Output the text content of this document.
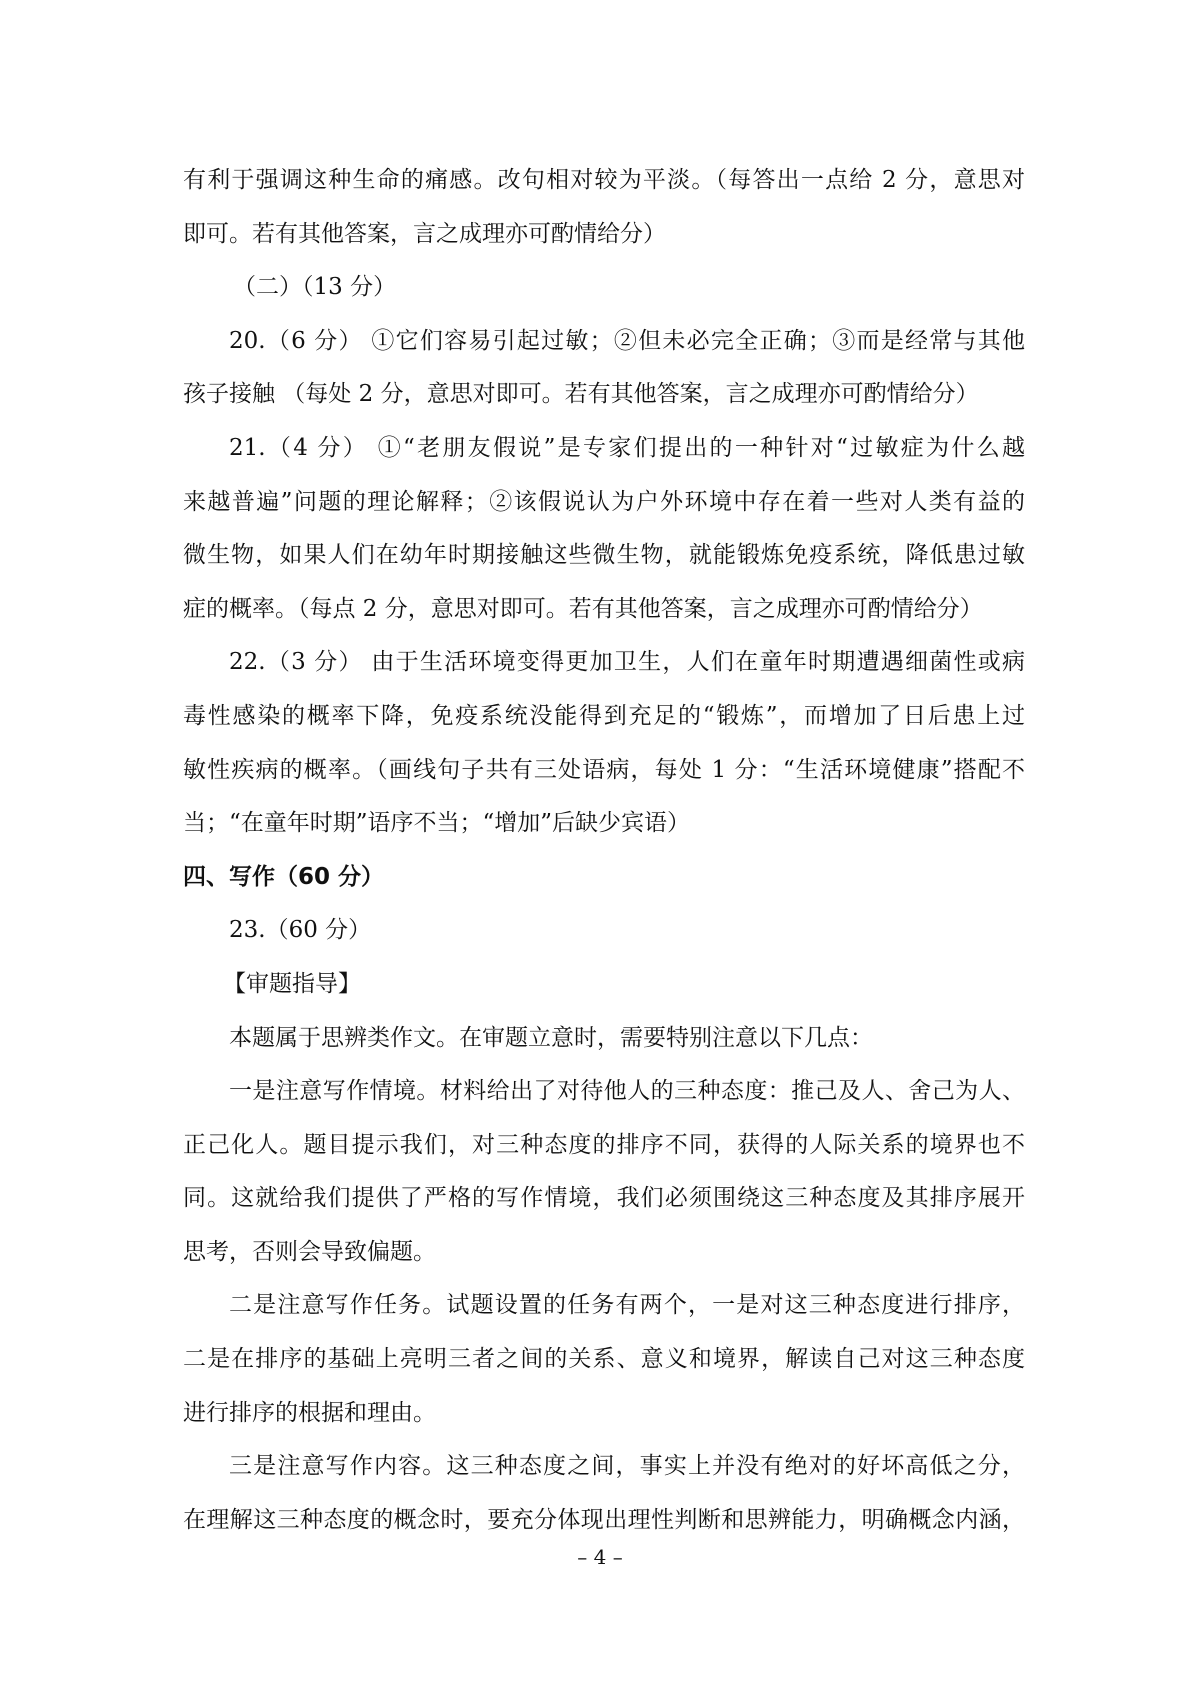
有利于强调这种生命的痛感。改句相对较为平淡。（每答出一点给 2 分，意思对
即可。若有其他答案，言之成理亦可酌情给分）
（二）（13 分）
20.（6 分） ①它们容易引起过敏；②但未必完全正确；③而是经常与其他
孩子接触 （每处 2 分，意思对即可。若有其他答案，言之成理亦可酌情给分）
21.（4 分） ①“老朋友假说”是专家们提出的一种针对“过敏症为什么越
来越普遍”问题的理论解释；②该假说认为户外环境中存在着一些对人类有益的
微生物，如果人们在幼年时期接触这些微生物，就能锻炼免疫系统，降低患过敏
症的概率。（每点 2 分，意思对即可。若有其他答案，言之成理亦可酌情给分）
22.（3 分） 由于生活环境变得更加卫生，人们在童年时期遭遇细菌性或病
毒性感染的概率下降，免疫系统没能得到充足的“锻炼”，而增加了日后患上过
敏性疾病的概率。（画线句子共有三处语病，每处 1 分：“生活环境健康”搭配不
当；“在童年时期”语序不当；“增加”后缺少宾语）
四、写作（60 分）
23.（60 分）
【审题指导】
本题属于思辨类作文。在审题立意时，需要特别注意以下几点：
一是注意写作情境。材料给出了对待他人的三种态度：推己及人、舍己为人、
正己化人。题目提示我们，对三种态度的排序不同，获得的人际关系的境界也不
同。这就给我们提供了严格的写作情境，我们必须围绕这三种态度及其排序展开
思考，否则会导致偏题。
二是注意写作任务。试题设置的任务有两个，一是对这三种态度进行排序，
二是在排序的基础上亮明三者之间的关系、意义和境界，解读自己对这三种态度
进行排序的根据和理由。
三是注意写作内容。这三种态度之间，事实上并没有绝对的好坏高低之分，
在理解这三种态度的概念时，要充分体现出理性判断和思辨能力，明确概念内涵，
– 4 –
